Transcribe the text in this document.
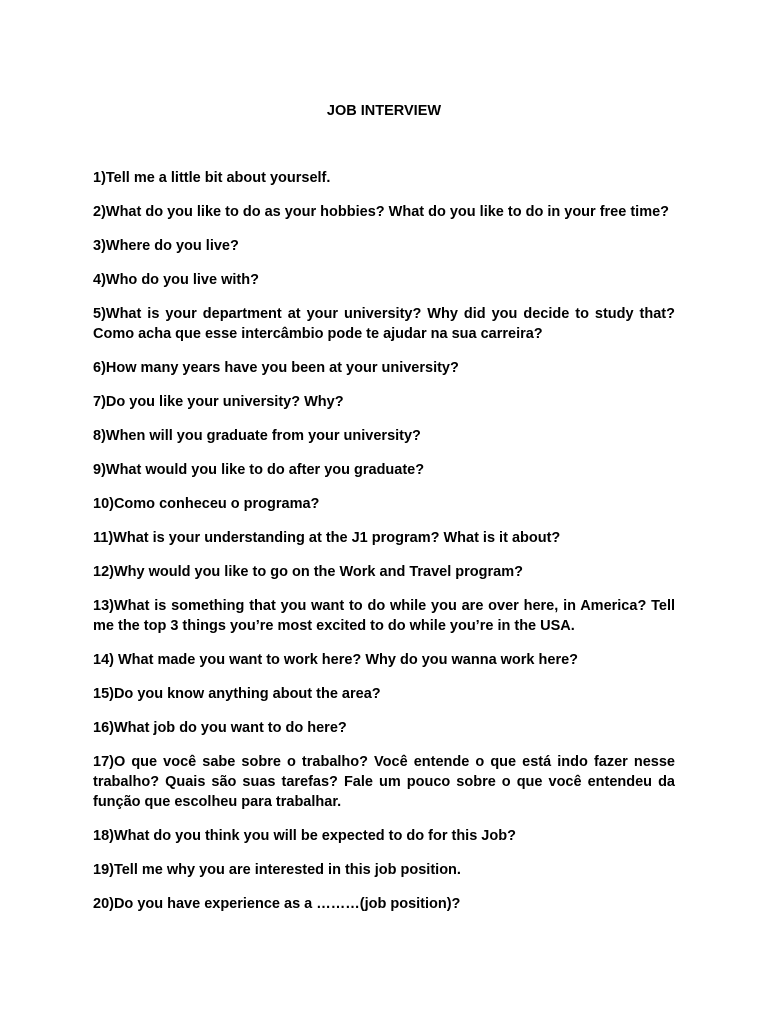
JOB INTERVIEW
1)Tell me a little bit about yourself.
2)What do you like to do as your hobbies? What do you like to do in your free time?
3)Where do you live?
4)Who do you live with?
5)What is your department at your university? Why did you decide to study that? Como acha que esse intercâmbio pode te ajudar na sua carreira?
6)How many years have you been at your university?
7)Do you like your university? Why?
8)When will you graduate from your university?
9)What would you like to do after you graduate?
10)Como conheceu o programa?
11)What is your understanding at the J1 program? What is it about?
12)Why would you like to go on the Work and Travel program?
13)What is something that you want to do while you are over here, in America? Tell me the top 3 things you’re most excited to do while you’re in the USA.
14) What made you want to work here? Why do you wanna work here?
15)Do you know anything about the area?
16)What job do you want to do here?
17)O que você sabe sobre o trabalho? Você entende o que está indo fazer nesse trabalho? Quais são suas tarefas? Fale um pouco sobre o que você entendeu da função que escolheu para trabalhar.
18)What do you think you will be expected to do for this Job?
19)Tell me why you are interested in this job position.
20)Do you have experience as a ………(job position)?
